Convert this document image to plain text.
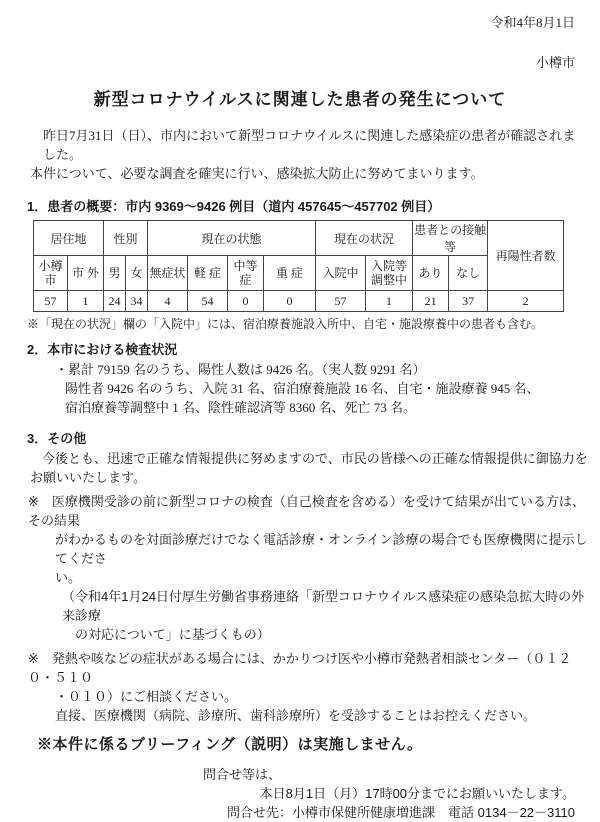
令和4年8月1日
小樽市
新型コロナウイルスに関連した患者の発生について
昨日7月31日（日）、市内において新型コロナウイルスに関連した感染症の患者が確認されました。
本件について、必要な調査を確実に行い、感染拡大防止に努めてまいります。
1．患者の概要：市内 9369～9426 例目（道内 457645～457702 例目）
居住地		性別		現在の状態				現在の状況		患者との接触等		再陽性者数
小樽市	市 外	男	女	無症状	軽 症	中等症	重 症	入院中	入院等調整中	あり	なし	
57	1	24	34	4	54	0	0	57	1	21	37	2
※「現在の状況」欄の「入院中」には、宿泊療養施設入所中、自宅・施設療養中の患者も含む。
2．本市における検査状況
・累計 79159 名のうち、陽性人数は 9426 名。（実人数 9291 名）
陽性者 9426 名のうち、入院 31 名、宿泊療養施設 16 名、自宅・施設療養 945 名、
宿泊療養等調整中 1 名、陰性確認済等 8360 名、死亡 73 名。
3．その他
今後とも、迅速で正確な情報提供に努めますので、市民の皆様への正確な情報提供に御協力を
お願いいたします。
※　医療機関受診の前に新型コロナの検査（自己検査を含める）を受けて結果が出ている方は、その結果
がわかるものを対面診療だけでなく電話診療・オンライン診療の場合でも医療機関に提示してくださ
い。
（令和4年1月24日付厚生労働省事務連絡「新型コロナウイルス感染症の感染急拡大時の外来診療
の対応について」に基づくもの）
※　発熱や咳などの症状がある場合には、かかりつけ医や小樽市発熱者相談センター（０１２０・５１０
・０１０）にご相談ください。
直接、医療機関（病院、診療所、歯科診療所）を受診することはお控えください。
※本件に係るブリーフィング（説明）は実施しません。
問合せ等は、
本日8月1日（月）17時00分までにお願いいたします。
問合せ先：小樽市保健所健康増進課　電話 0134－22－3110
